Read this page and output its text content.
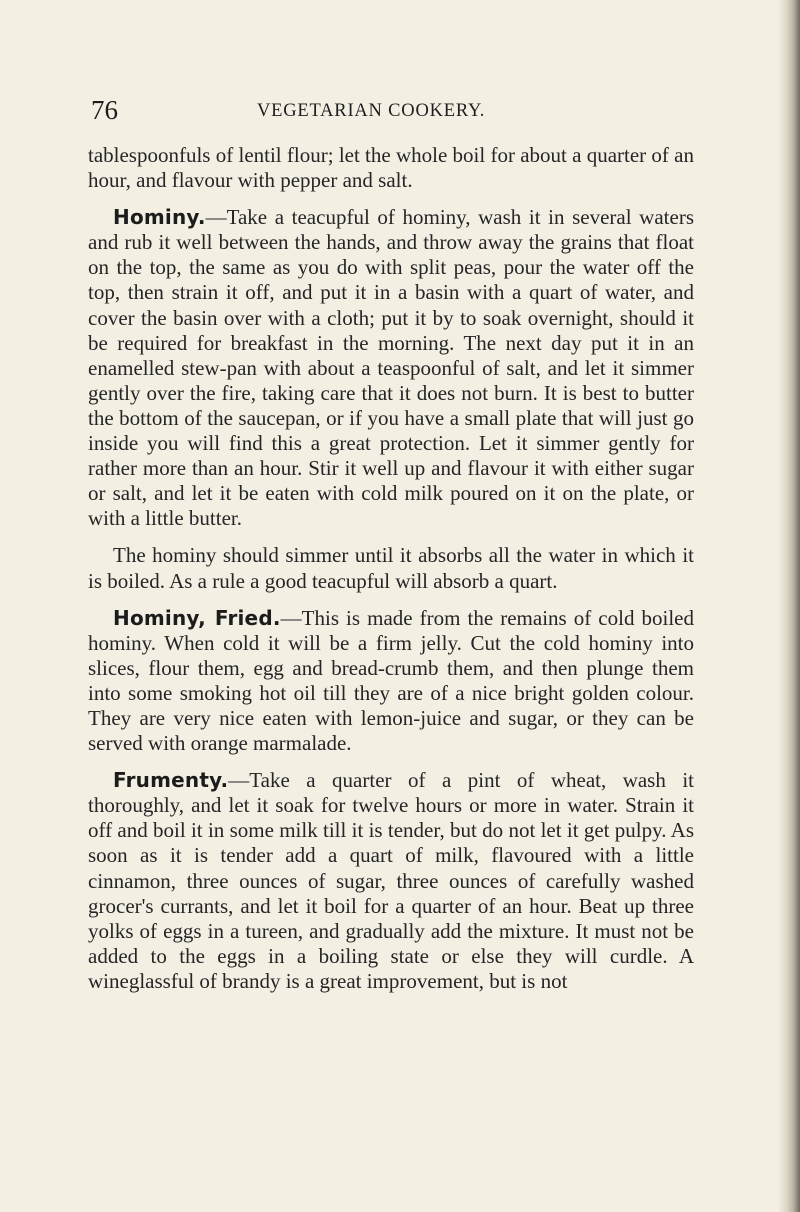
76	VEGETARIAN COOKERY.

tablespoonfuls of lentil flour; let the whole boil for about a quarter of an hour, and flavour with pepper and salt.

Hominy.—Take a teacupful of hominy, wash it in several waters and rub it well between the hands, and throw away the grains that float on the top, the same as you do with split peas, pour the water off the top, then strain it off, and put it in a basin with a quart of water, and cover the basin over with a cloth; put it by to soak overnight, should it be required for breakfast in the morning. The next day put it in an enamelled stew-pan with about a teaspoonful of salt, and let it simmer gently over the fire, taking care that it does not burn. It is best to butter the bottom of the saucepan, or if you have a small plate that will just go inside you will find this a great protection. Let it simmer gently for rather more than an hour. Stir it well up and flavour it with either sugar or salt, and let it be eaten with cold milk poured on it on the plate, or with a little butter.

The hominy should simmer until it absorbs all the water in which it is boiled. As a rule a good teacupful will absorb a quart.

Hominy, Fried.—This is made from the remains of cold boiled hominy. When cold it will be a firm jelly. Cut the cold hominy into slices, flour them, egg and bread-crumb them, and then plunge them into some smoking hot oil till they are of a nice bright golden colour. They are very nice eaten with lemon-juice and sugar, or they can be served with orange marmalade.

Frumenty.—Take a quarter of a pint of wheat, wash it thoroughly, and let it soak for twelve hours or more in water. Strain it off and boil it in some milk till it is tender, but do not let it get pulpy. As soon as it is tender add a quart of milk, flavoured with a little cinnamon, three ounces of sugar, three ounces of carefully washed grocer's currants, and let it boil for a quarter of an hour. Beat up three yolks of eggs in a tureen, and gradually add the mixture. It must not be added to the eggs in a boiling state or else they will curdle. A wineglassful of brandy is a great improvement, but is not
